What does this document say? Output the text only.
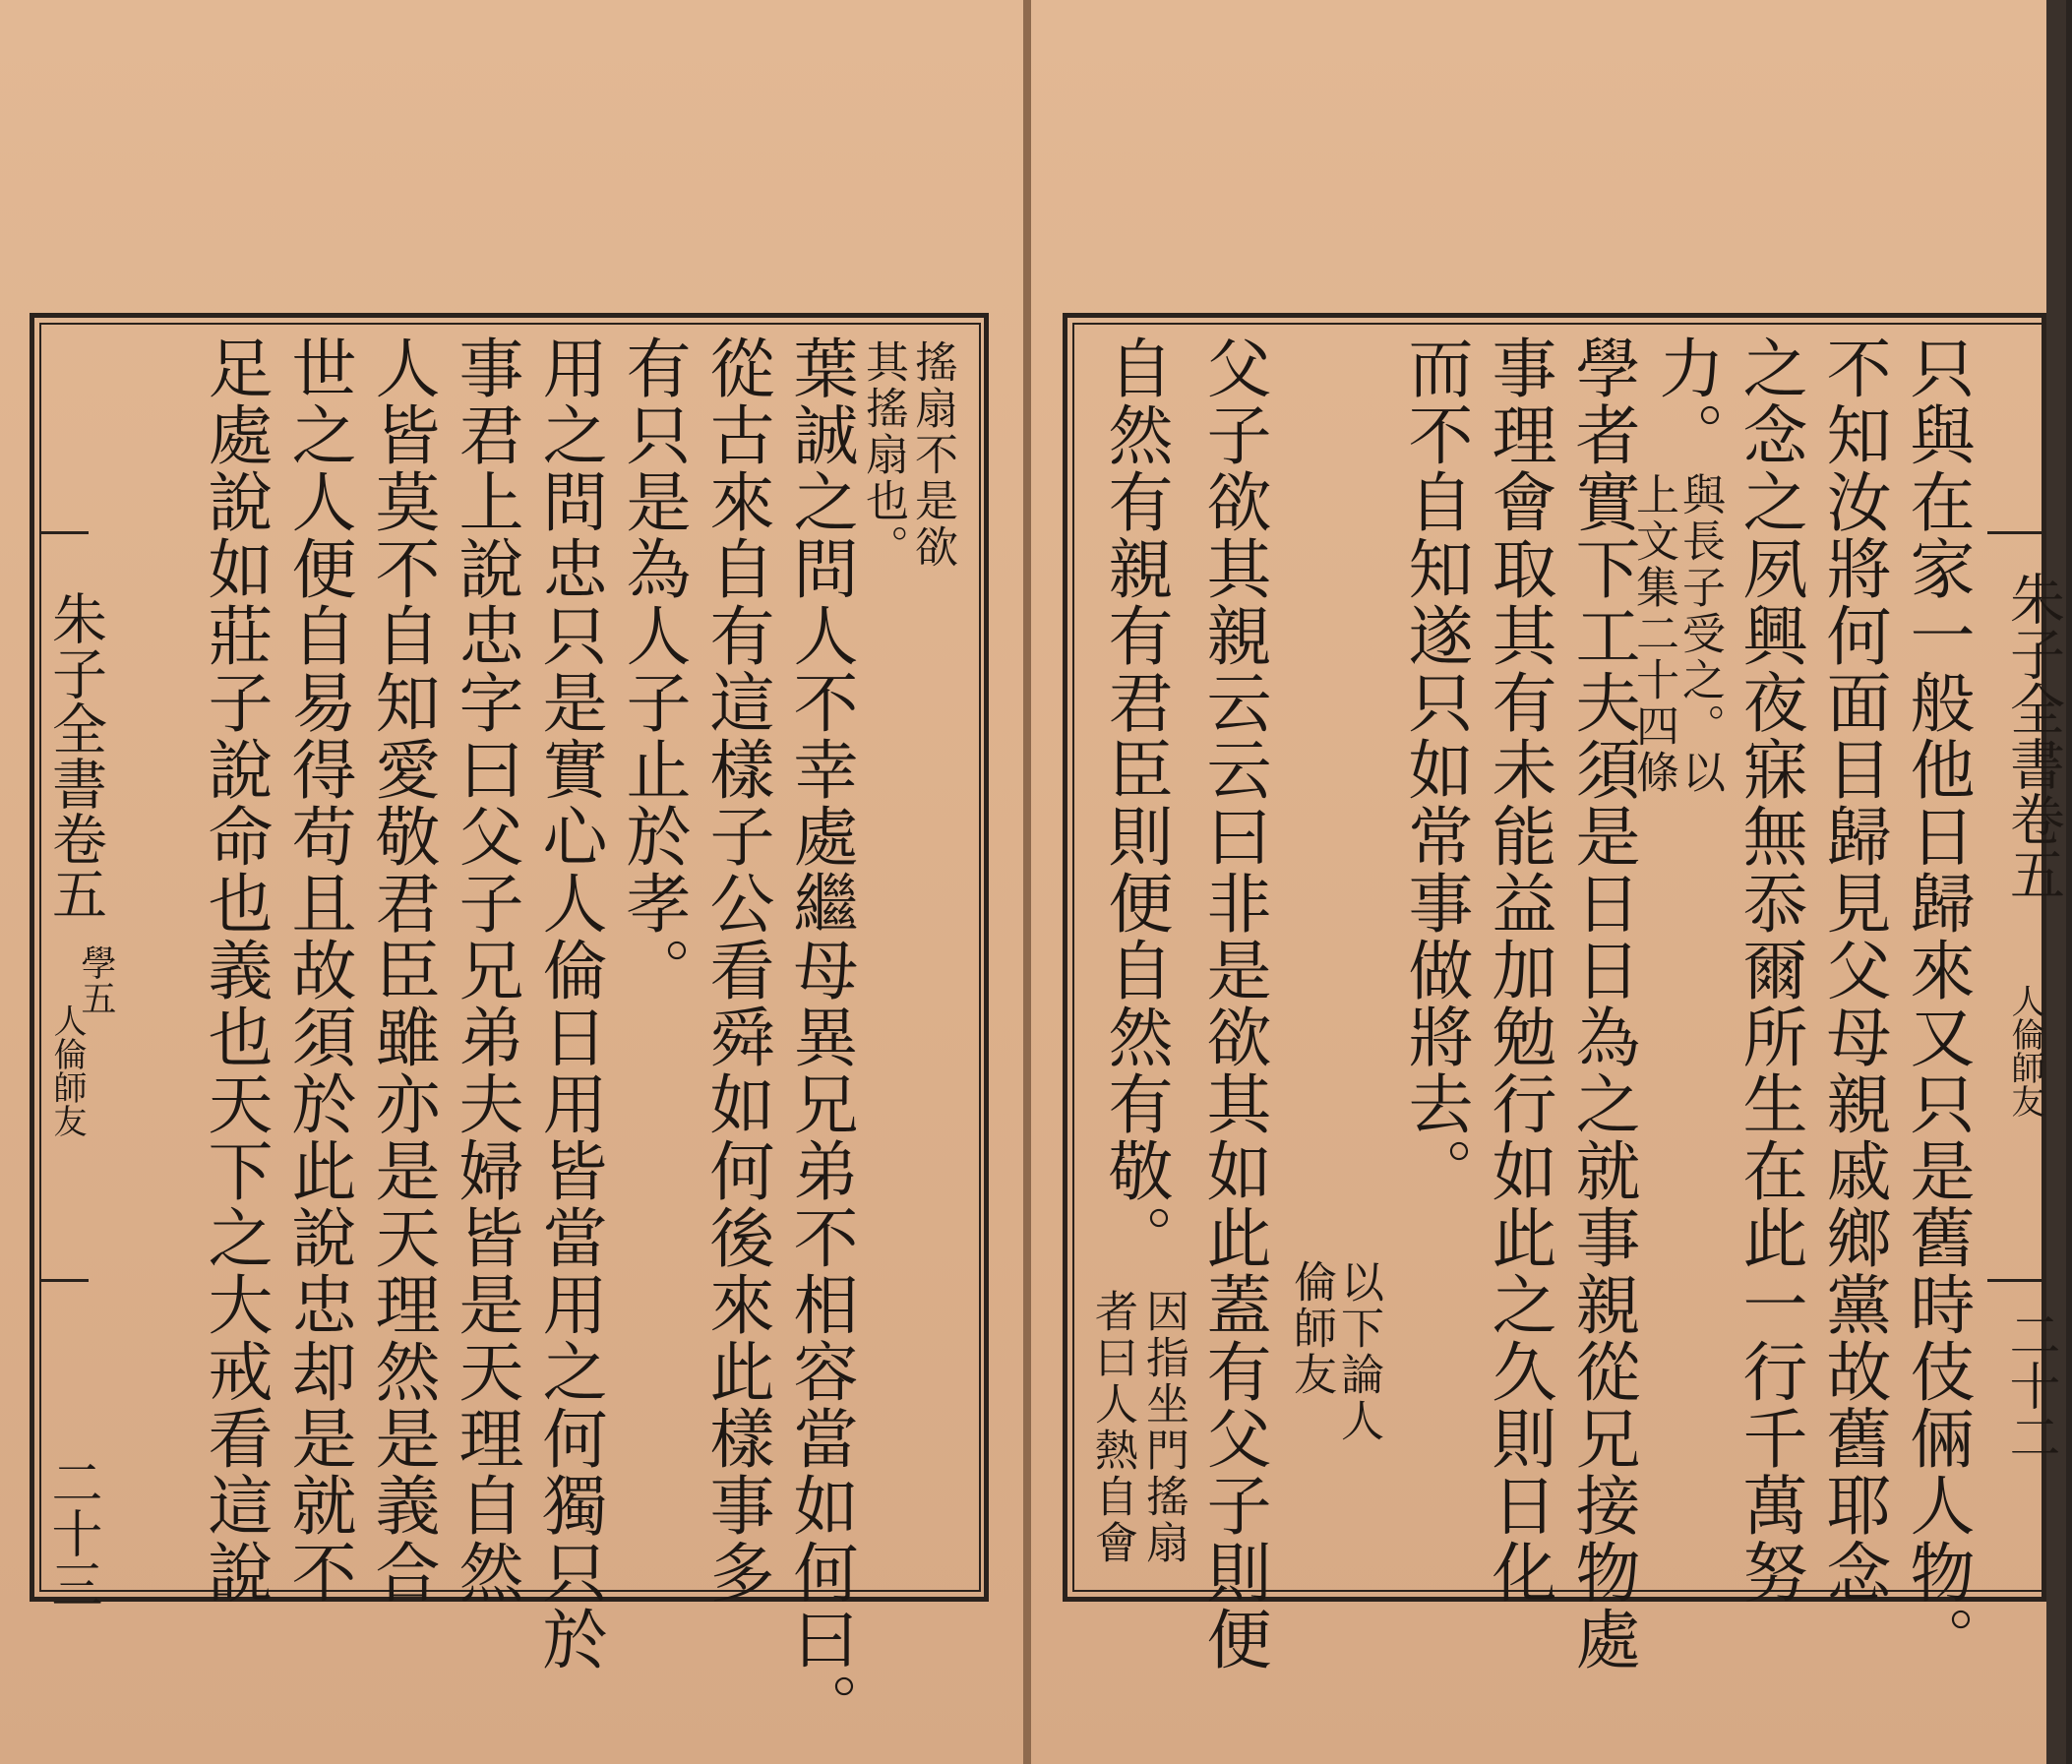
朱子全書卷五
學五
人倫師友
二十三
搖扇不是欲
其搖扇也。
葉誠之問人不幸處繼母異兄弟不相容當如何曰。
從古來自有這樣子公看舜如何後來此樣事多
有只是為人子止於孝。
用之問忠只是實心人倫日用皆當用之何獨只於
事君上說忠字曰父子兄弟夫婦皆是天理自然
人皆莫不自知愛敬君臣雖亦是天理然是義合
世之人便自易得苟且故須於此說忠却是就不
足處說如莊子說命也義也天下之大戒看這說	朱子全書卷五
人倫師友
二十二
只與在家一般他日歸來又只是舊時伎倆人物。
不知汝將何面目歸見父母親戚鄉黨故舊耶念
之念之夙興夜寐無忝爾所生在此一行千萬努
力。
與長子受之。以
上文集二十四條
學者實下工夫須是日日為之就事親從兄接物處
事理會取其有未能益加勉行如此之久則日化
而不自知遂只如常事做將去。
以下論人
倫師友
父子欲其親云云曰非是欲其如此蓋有父子則便
自然有親有君臣則便自然有敬。
因指坐門搖扇
者曰人熱自會
